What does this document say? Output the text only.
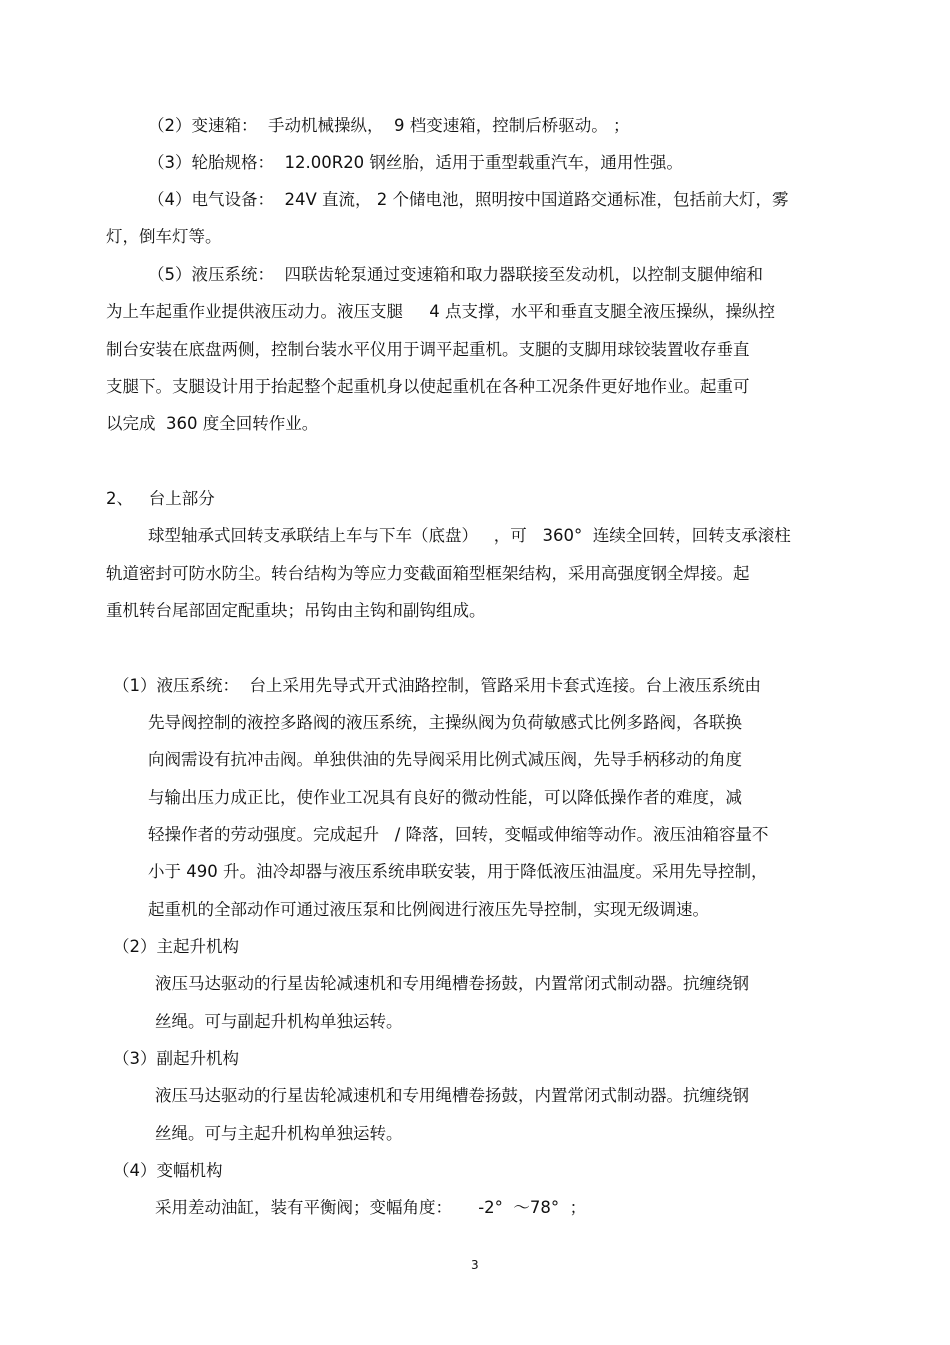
（2）变速箱：  手动机械操纵，  9 档变速箱，控制后桥驱动。 ；
（3）轮胎规格：  12.00R20 钢丝胎，适用于重型载重汽车，通用性强。
（4）电气设备：  24V 直流， 2 个储电池，照明按中国道路交通标准，包括前大灯，雾
灯，倒车灯等。
（5）液压系统：  四联齿轮泵通过变速箱和取力器联接至发动机，以控制支腿伸缩和
为上车起重作业提供液压动力。液压支腿     4 点支撑，水平和垂直支腿全液压操纵，操纵控
制台安装在底盘两侧，控制台装水平仪用于调平起重机。支腿的支脚用球铰装置收存垂直
支腿下。支腿设计用于抬起整个起重机身以使起重机在各种工况条件更好地作业。起重可
以完成  360 度全回转作业。
2、   台上部分
球型轴承式回转支承联结上车与下车（底盘）   ，可   360°  连续全回转，回转支承滚柱
轨道密封可防水防尘。转台结构为等应力变截面箱型框架结构，采用高强度钢全焊接。起
重机转台尾部固定配重块；吊钩由主钩和副钩组成。
（1）液压系统：  台上采用先导式开式油路控制，管路采用卡套式连接。台上液压系统由
先导阀控制的液控多路阀的液压系统，主操纵阀为负荷敏感式比例多路阀，各联换
向阀需设有抗冲击阀。单独供油的先导阀采用比例式减压阀，先导手柄移动的角度
与输出压力成正比，使作业工况具有良好的微动性能，可以降低操作者的难度，减
轻操作者的劳动强度。完成起升   / 降落，回转，变幅或伸缩等动作。液压油箱容量不
小于 490 升。油冷却器与液压系统串联安装，用于降低液压油温度。采用先导控制，
起重机的全部动作可通过液压泵和比例阀进行液压先导控制，实现无级调速。
（2）主起升机构
液压马达驱动的行星齿轮减速机和专用绳槽卷扬鼓，内置常闭式制动器。抗缠绕钢
丝绳。可与副起升机构单独运转。
（3）副起升机构
液压马达驱动的行星齿轮减速机和专用绳槽卷扬鼓，内置常闭式制动器。抗缠绕钢
丝绳。可与主起升机构单独运转。
（4）变幅机构
采用差动油缸，装有平衡阀；变幅角度：     -2°  ～78°  ；
3
